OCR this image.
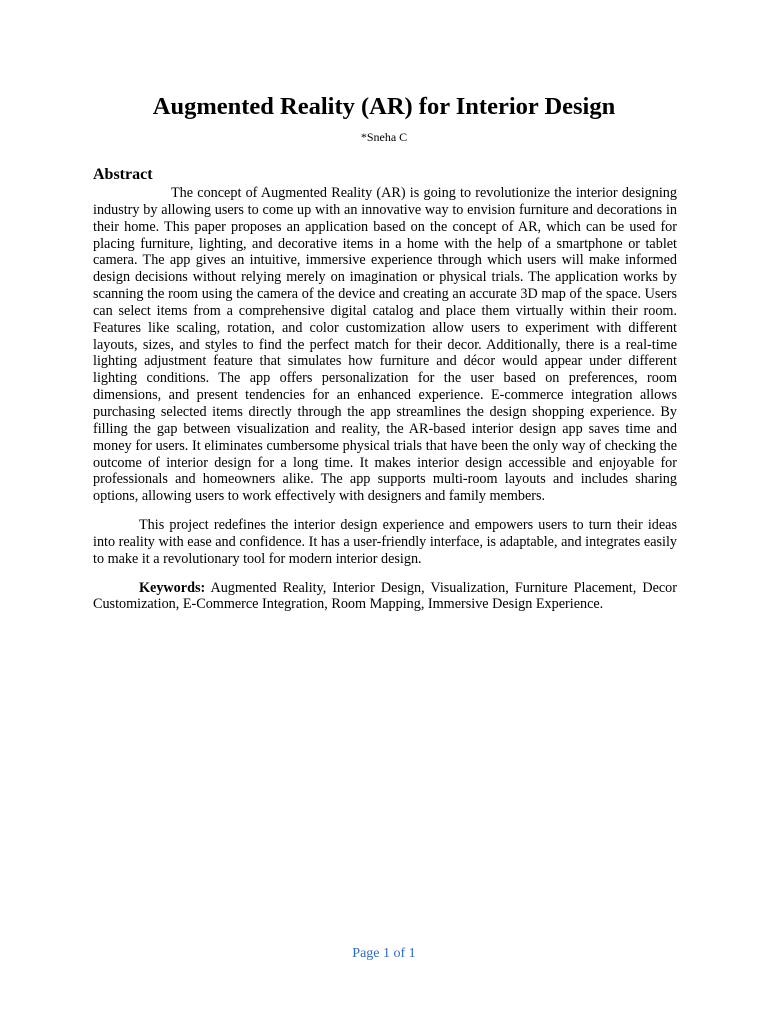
Augmented Reality (AR) for Interior Design
*Sneha C
Abstract

The concept of Augmented Reality (AR) is going to revolutionize the interior designing industry by allowing users to come up with an innovative way to envision furniture and decorations in their home. This paper proposes an application based on the concept of AR, which can be used for placing furniture, lighting, and decorative items in a home with the help of a smartphone or tablet camera. The app gives an intuitive, immersive experience through which users will make informed design decisions without relying merely on imagination or physical trials. The application works by scanning the room using the camera of the device and creating an accurate 3D map of the space. Users can select items from a comprehensive digital catalog and place them virtually within their room. Features like scaling, rotation, and color customization allow users to experiment with different layouts, sizes, and styles to find the perfect match for their decor. Additionally, there is a real-time lighting adjustment feature that simulates how furniture and décor would appear under different lighting conditions. The app offers personalization for the user based on preferences, room dimensions, and present tendencies for an enhanced experience. E-commerce integration allows purchasing selected items directly through the app streamlines the design shopping experience. By filling the gap between visualization and reality, the AR-based interior design app saves time and money for users. It eliminates cumbersome physical trials that have been the only way of checking the outcome of interior design for a long time. It makes interior design accessible and enjoyable for professionals and homeowners alike. The app supports multi-room layouts and includes sharing options, allowing users to work effectively with designers and family members.

This project redefines the interior design experience and empowers users to turn their ideas into reality with ease and confidence. It has a user-friendly interface, is adaptable, and integrates easily to make it a revolutionary tool for modern interior design.

Keywords: Augmented Reality, Interior Design, Visualization, Furniture Placement, Decor Customization, E-Commerce Integration, Room Mapping, Immersive Design Experience.

Page 1 of 1
